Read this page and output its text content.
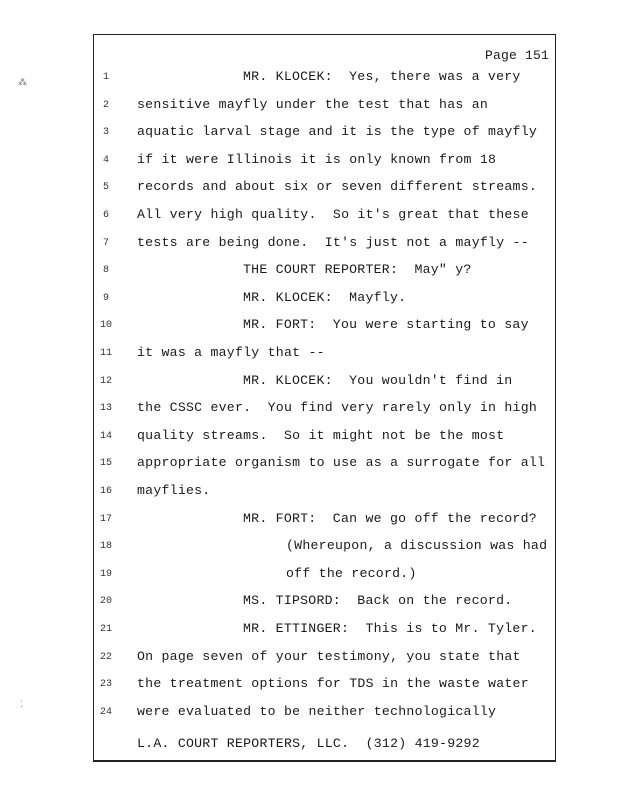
Page 151
⁂
⁚
1	MR. KLOCEK:  Yes, there was a very
2	sensitive mayfly under the test that has an
3	aquatic larval stage and it is the type of mayfly
4	if it were Illinois it is only known from 18
5	records and about six or seven different streams.
6	All very high quality.  So it's great that these
7	tests are being done.  It's just not a mayfly --
8	THE COURT REPORTER:  May" y?
9	MR. KLOCEK:  Mayfly.
10	MR. FORT:  You were starting to say
11	it was a mayfly that --
12	MR. KLOCEK:  You wouldn't find in
13	the CSSC ever.  You find very rarely only in high
14	quality streams.  So it might not be the most
15	appropriate organism to use as a surrogate for all
16	mayflies.
17	MR. FORT:  Can we go off the record?
18	(Whereupon, a discussion was had
19	off the record.)
20	MS. TIPSORD:  Back on the record.
21	MR. ETTINGER:  This is to Mr. Tyler.
22	On page seven of your testimony, you state that
23	the treatment options for TDS in the waste water
24	were evaluated to be neither technologically
L.A. COURT REPORTERS, LLC.  (312) 419-9292
